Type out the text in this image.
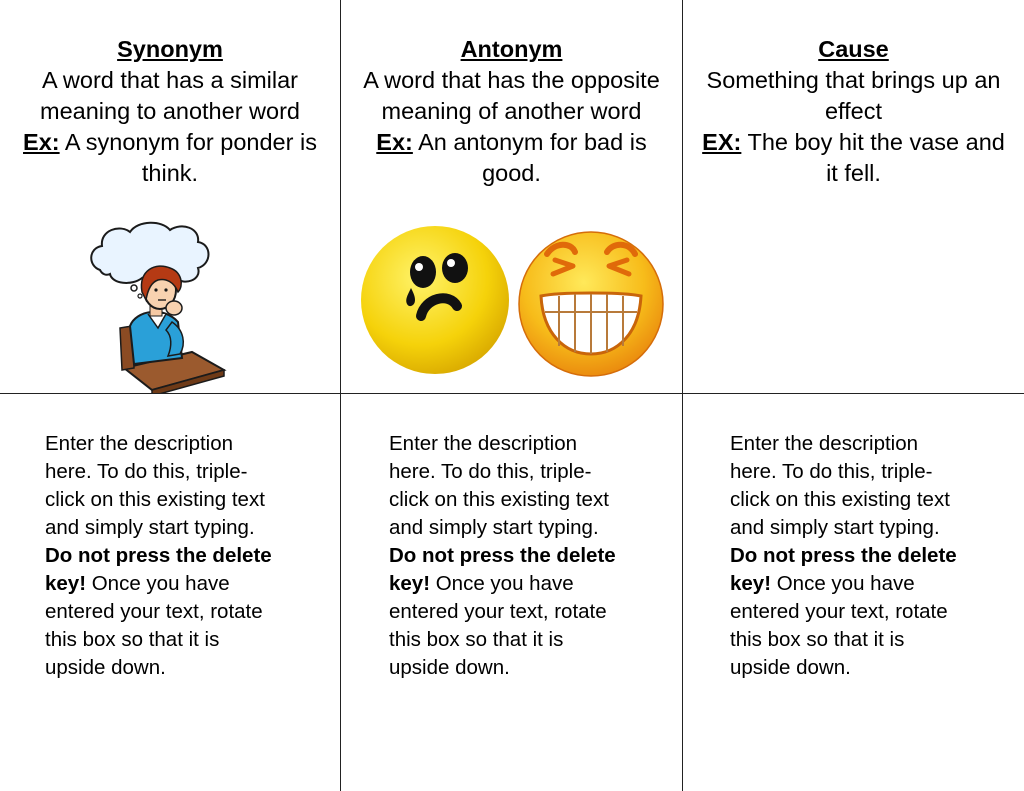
Synonym
A word that has a similar meaning to another word
Ex: A synonym for ponder is think.
Antonym
A word that has the opposite meaning of another word
Ex: An antonym for bad is good.
Cause
Something that brings up an effect
EX: The boy hit the vase and it fell.
Enter the description here. To do this, triple-click on this existing text and simply start typing. Do not press the delete key! Once you have entered your text, rotate this box so that it is upside down.
Enter the description here. To do this, triple-click on this existing text and simply start typing. Do not press the delete key! Once you have entered your text, rotate this box so that it is upside down.
Enter the description here. To do this, triple-click on this existing text and simply start typing. Do not press the delete key! Once you have entered your text, rotate this box so that it is upside down.
